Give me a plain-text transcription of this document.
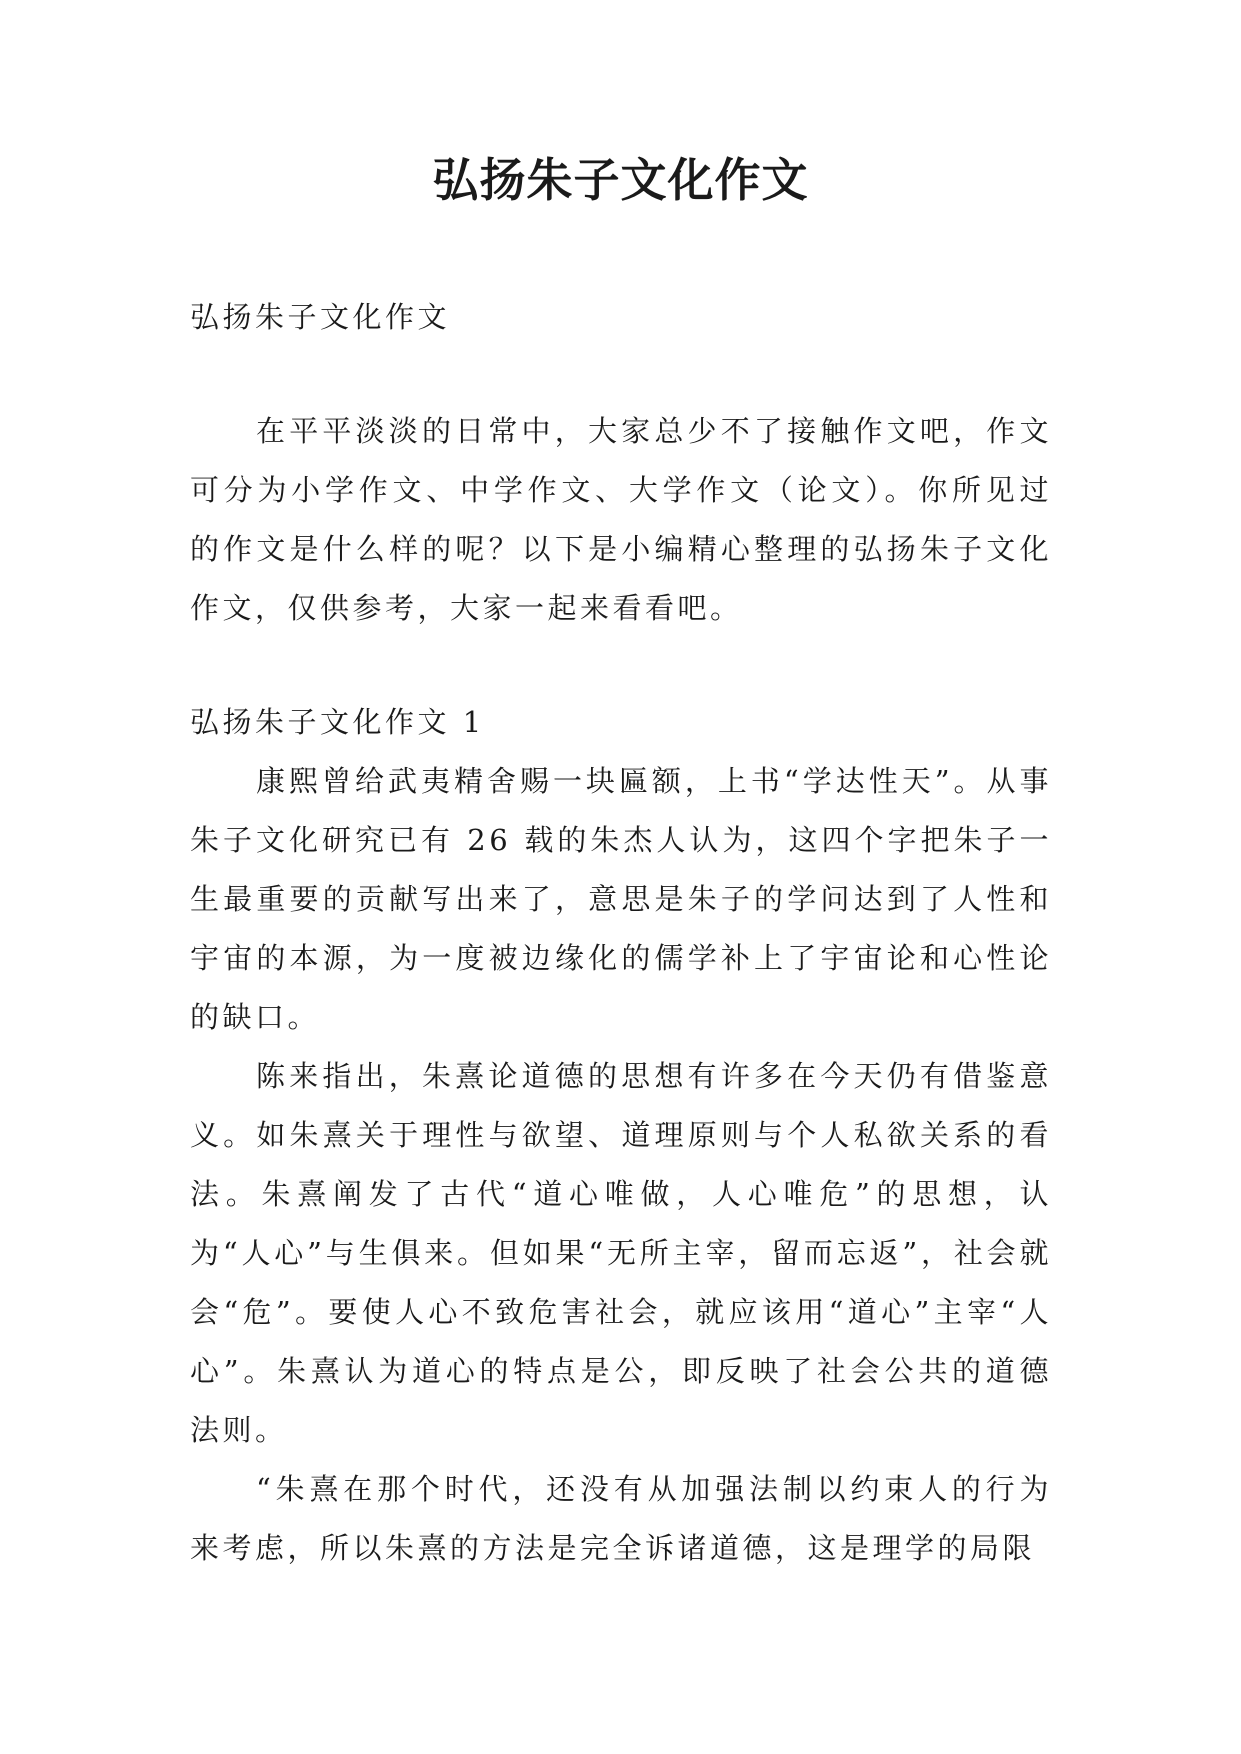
弘扬朱子文化作文

弘扬朱子文化作文

在平平淡淡的日常中，大家总少不了接触作文吧，作文可分为小学作文、中学作文、大学作文（论文）。你所见过的作文是什么样的呢？以下是小编精心整理的弘扬朱子文化作文，仅供参考，大家一起来看看吧。

弘扬朱子文化作文 1

康熙曾给武夷精舍赐一块匾额，上书“学达性天”。从事朱子文化研究已有 26 载的朱杰人认为，这四个字把朱子一生最重要的贡献写出来了，意思是朱子的学问达到了人性和宇宙的本源，为一度被边缘化的儒学补上了宇宙论和心性论的缺口。

陈来指出，朱熹论道德的思想有许多在今天仍有借鉴意义。如朱熹关于理性与欲望、道理原则与个人私欲关系的看法。朱熹阐发了古代“道心唯做，人心唯危”的思想，认为“人心”与生俱来。但如果“无所主宰，留而忘返”，社会就会“危”。要使人心不致危害社会，就应该用“道心”主宰“人心”。朱熹认为道心的特点是公，即反映了社会公共的道德法则。

“朱熹在那个时代，还没有从加强法制以约束人的行为来考虑，所以朱熹的方法是完全诉诸道德，这是理学的局限
